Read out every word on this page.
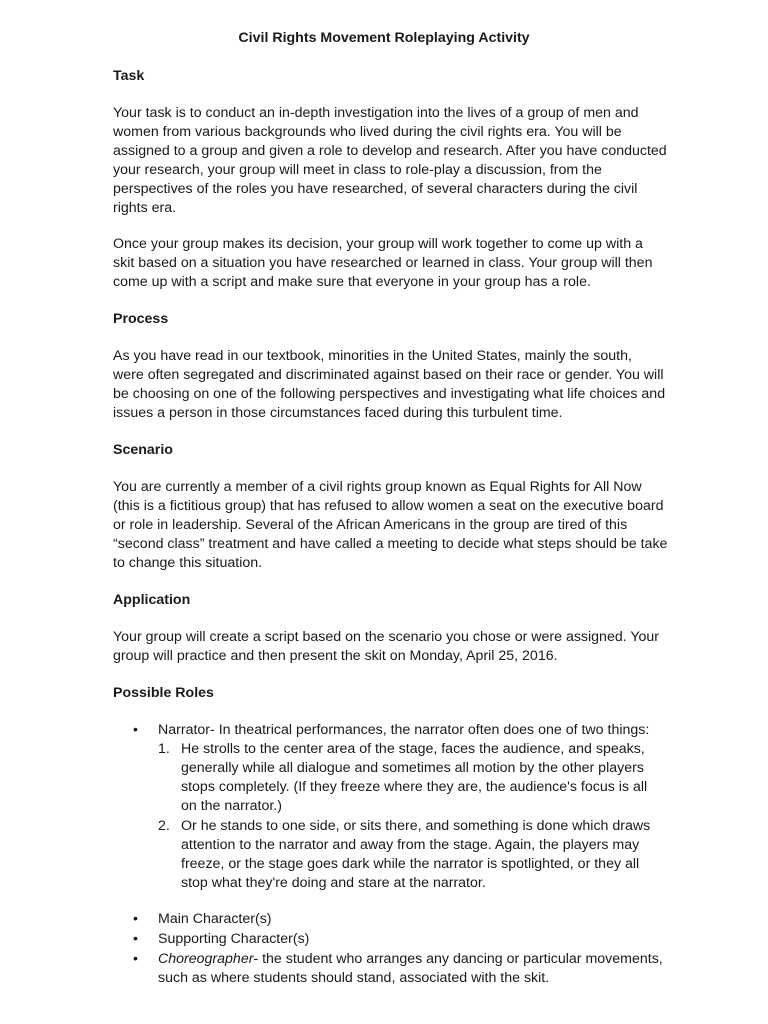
Civil Rights Movement Roleplaying Activity
Task
Your task is to conduct an in-depth investigation into the lives of a group of men and
women from various backgrounds who lived during the civil rights era. You will be
assigned to a group and given a role to develop and research. After you have conducted
your research, your group will meet in class to role-play a discussion, from the
perspectives of the roles you have researched, of several characters during the civil
rights era.
Once your group makes its decision, your group will work together to come up with a
skit based on a situation you have researched or learned in class. Your group will then
come up with a script and make sure that everyone in your group has a role.
Process
As you have read in our textbook, minorities in the United States, mainly the south,
were often segregated and discriminated against based on their race or gender. You will
be choosing on one of the following perspectives and investigating what life choices and
issues a person in those circumstances faced during this turbulent time.
Scenario
You are currently a member of a civil rights group known as Equal Rights for All Now
(this is a fictitious group) that has refused to allow women a seat on the executive board
or role in leadership. Several of the African Americans in the group are tired of this
“second class” treatment and have called a meeting to decide what steps should be take
to change this situation.
Application
Your group will create a script based on the scenario you chose or were assigned. Your
group will practice and then present the skit on Monday, April 25, 2016.
Possible Roles
•	Narrator- In theatrical performances, the narrator often does one of two things:
1. He strolls to the center area of the stage, faces the audience, and speaks,
generally while all dialogue and sometimes all motion by the other players
stops completely. (If they freeze where they are, the audience's focus is all
on the narrator.)
2. Or he stands to one side, or sits there, and something is done which draws
attention to the narrator and away from the stage. Again, the players may
freeze, or the stage goes dark while the narrator is spotlighted, or they all
stop what they're doing and stare at the narrator.
•	Main Character(s)
•	Supporting Character(s)
•	Choreographer- the student who arranges any dancing or particular movements,
such as where students should stand, associated with the skit.
